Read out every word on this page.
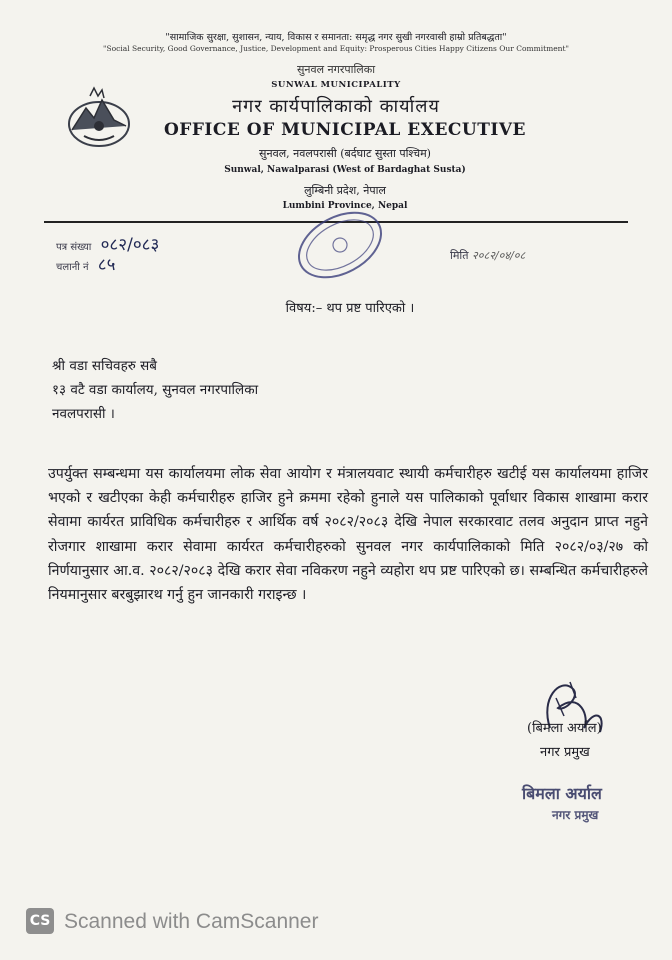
"सामाजिक सुरक्षा, सुशासन, न्याय, विकास र समानता: समृद्ध नगर सुखी नगरवासी हाम्रो प्रतिबद्धता"
"Social Security, Good Governance, Justice, Development and Equity: Prosperous Cities Happy Citizens Our Commitment"
सुनवल नगरपालिका
SUNWAL MUNICIPALITY
नगर कार्यपालिकाको कार्यालय
OFFICE OF MUNICIPAL EXECUTIVE
सुनवल, नवलपरासी (बर्दघाट सुस्ता पश्चिम)
Sunwal, Nawalparasi (West of Bardaghat Susta)
लुम्बिनी प्रदेश, नेपाल
Lumbini Province, Nepal
पत्र संख्या ०८२/०८३
चलानी नं ८५	मिति २०८२/०४/०८
विषय:– थप प्रष्ट पारिएको ।
श्री वडा सचिवहरु सबै
१३ वटै वडा कार्यालय, सुनवल नगरपालिका
नवलपरासी ।
उपर्युक्त सम्बन्धमा यस कार्यालयमा लोक सेवा आयोग र मंत्रालयवाट स्थायी कर्मचारीहरु खटीई यस कार्यालयमा हाजिर भएको र खटीएका केही कर्मचारीहरु हाजिर हुने क्रममा रहेको हुनाले यस पालिकाको पूर्वाधार विकास शाखामा करार सेवामा कार्यरत प्राविधिक कर्मचारीहरु र आर्थिक वर्ष २०८२/२०८३ देखि नेपाल सरकारवाट तलव अनुदान प्राप्त नहुने रोजगार शाखामा करार सेवामा कार्यरत कर्मचारीहरुको सुनवल नगर कार्यपालिकाको मिति २०८२/०३/२७ को निर्णयानुसार आ.व. २०८२/२०८३ देखि करार सेवा नविकरण नहुने व्यहोरा थप प्रष्ट पारिएको छ। सम्बन्धित कर्मचारीहरुले नियमानुसार बरबुझारथ गर्नु हुन जानकारी गराइन्छ ।
(बिमला अर्याल)
नगर प्रमुख
बिमला अर्याल
नगर प्रमुख
CS Scanned with CamScanner
